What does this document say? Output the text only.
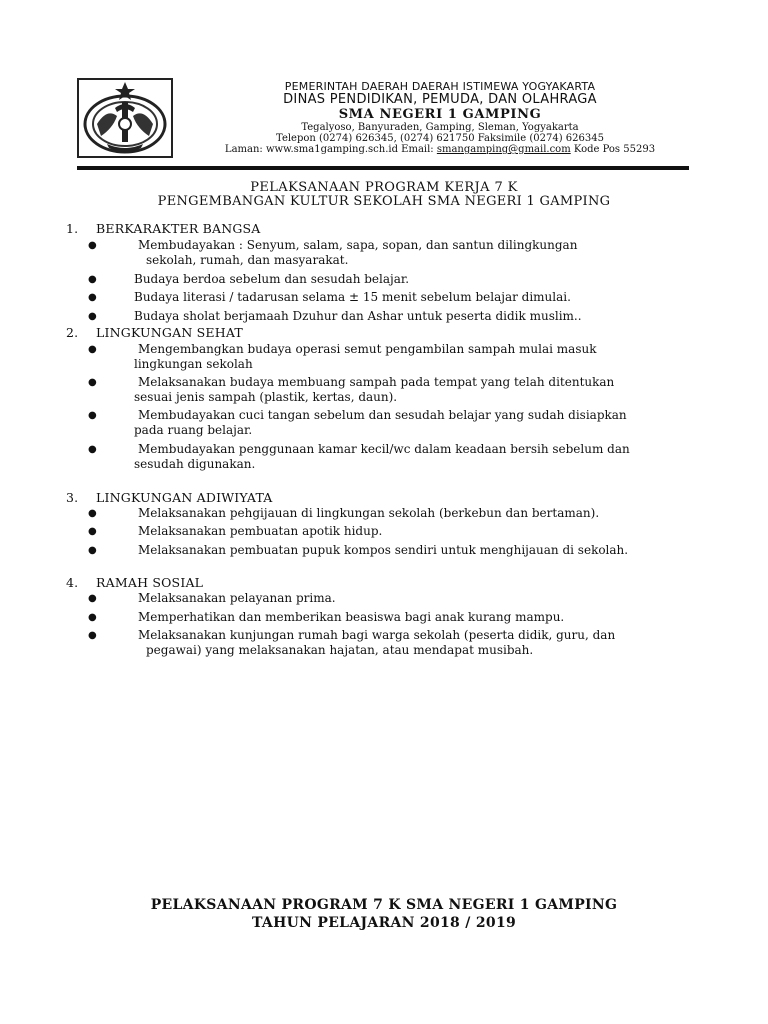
PEMERINTAH DAERAH DAERAH ISTIMEWA YOGYAKARTA
DINAS PENDIDIKAN, PEMUDA, DAN OLAHRAGA
SMA NEGERI 1 GAMPING
Tegalyoso, Banyuraden, Gamping, Sleman, Yogyakarta
Telepon (0274) 626345, (0274) 621750 Faksimile (0274) 626345
Laman: www.sma1gamping.sch.id Email: smangamping@gmail.com Kode Pos 55293
PELAKSANAAN PROGRAM KERJA 7 K
PENGEMBANGAN KULTUR SEKOLAH SMA NEGERI 1 GAMPING
1. BERKARAKTER BANGSA
●	Membudayakan : Senyum, salam, sapa, sopan, dan santun dilingkungan
sekolah, rumah, dan masyarakat.
●	Budaya berdoa sebelum dan sesudah belajar.
●	Budaya literasi / tadarusan selama ± 15 menit sebelum belajar dimulai.
●	Budaya sholat berjamaah Dzuhur dan Ashar untuk peserta didik muslim..
2. LINGKUNGAN SEHAT
●	Mengembangkan budaya operasi semut pengambilan sampah mulai masuk
lingkungan sekolah
●	Melaksanakan budaya membuang sampah pada tempat yang telah ditentukan
sesuai jenis sampah (plastik, kertas, daun).
●	Membudayakan cuci tangan sebelum dan sesudah belajar yang sudah disiapkan
pada ruang belajar.
●	Membudayakan penggunaan kamar kecil/wc dalam keadaan bersih sebelum dan
sesudah digunakan.
3. LINGKUNGAN ADIWIYATA
●	Melaksanakan pehgijauan di lingkungan sekolah (berkebun dan bertaman).
●	Melaksanakan pembuatan apotik hidup.
●	Melaksanakan pembuatan pupuk kompos sendiri untuk menghijauan di sekolah.
4. RAMAH SOSIAL
●	Melaksanakan pelayanan prima.
●	Memperhatikan dan memberikan beasiswa bagi anak kurang mampu.
●	Melaksanakan kunjungan rumah bagi warga sekolah (peserta didik, guru, dan
pegawai) yang melaksanakan hajatan, atau mendapat musibah.
PELAKSANAAN PROGRAM 7 K SMA NEGERI 1 GAMPING
TAHUN PELAJARAN 2018 / 2019
